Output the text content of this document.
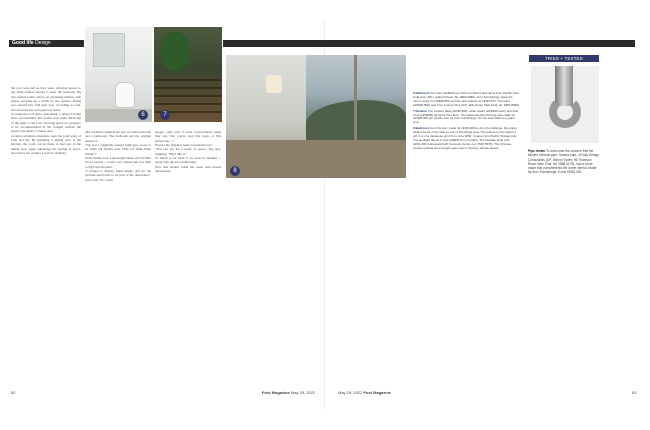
Good life Design
6	7
8
the roof were left as they were, allowing guests to use them without having to enter the bedroom. Ng also hauled Lam's advice on gardening matters. The grapes growing up a trellis by the outdoor dining area should bear fruit next year, according to Lam, who harvests his own grapes at home.
To make the roof more welcoming, a raised wooden floor was installed. The planks stop about 30cm shy of the edge of the roof, allowing space for greenery to be accommodated in the troughs without the plants' pots likely to being seen.
Creative solutions elsewhere were the joint work of Lam and Ng. By installing a sliding door to the kitchen, the room can be made to feel part of the dining area; again enhancing the feeling of space. And above the counter a wall of cabinetry
like wardrobe cabinets the size of Lam's bedroom and a bathroom. The bedroom and the original design of ...
"Ng and I originally wanted light-grey wood to be white but Sandra said, 'Why not make them bolder?'"
In the dining area, Lam bought them on from Mui Wo in Jaydon ... Lam's own cabinet that was built to Ng's specification.
"I wanted to display small things, and for the pictures and books to be part of the decoration," says Lam. "So, when
people come over it starts conversations when they say, 'Oh, you've read this book, or this picture has ...'"
Doesn't the fireplace need to break the law?
"You can say it's a waste of space," Ng says, laughing. "But I like it."
So much so he turns it on even in summer ... along with the air-conditioning.
Now that should warm the room with heated discussions.
6 Bathroom The tiles (HK$220 per 60cm by 60cm) tiles came from Pacific Tiles Collection (6/F Lockhart Road, Tel: 2866 9989). Aron Furnishings made the mirror vanity for HK$18,800 and the sink cabinet for HK$3,570. The toilet (HK$46,800) was from Leisure Plus (G/F Jaffe Road, Wan Chai, tel: 2866 8098).
7 Rooftop The outdoor table (HK$2,980), white chairs (HK$299 each) and blue chair (HK$699) all came from Ikea. The raised wooden flooring was made for HK$28,000 per square foot by Aron Furnishings. On the wall trellis is a grape vine.
8 Bedroom From his bed, made for HK$3,400 by Aron Furnishings, Ng enjoys what a friend of his calls a Lord of The Rings view. The picture on the wall is a gift. It is of a Japanese print from circa 1850. It came from Pacific Vintage Arts. The spotlight above it cost HK$950 from Cordine. The bedside lamp cost HK$1,600 in Emerald (G/F Kennedy Centre, tel: 2525 5555). The Chinese wooden panels were bought years ago in Sydney, dangle sleeps.
TRIED + TESTED
Pipe dream To overcome the concern that the kitchen exhaust pipe, Sandra Lam, of Nujo Design Consultants (2/F, Winner Tower, 96 Thomson Road, Wan Chai, tel: 2866 0179), had a cover made that complements the home interior. Made by Aron Furnishings, it cost HK$2,200.
62	Post Magazine May 29, 2022	May 29, 2022 Post Magazine	63
